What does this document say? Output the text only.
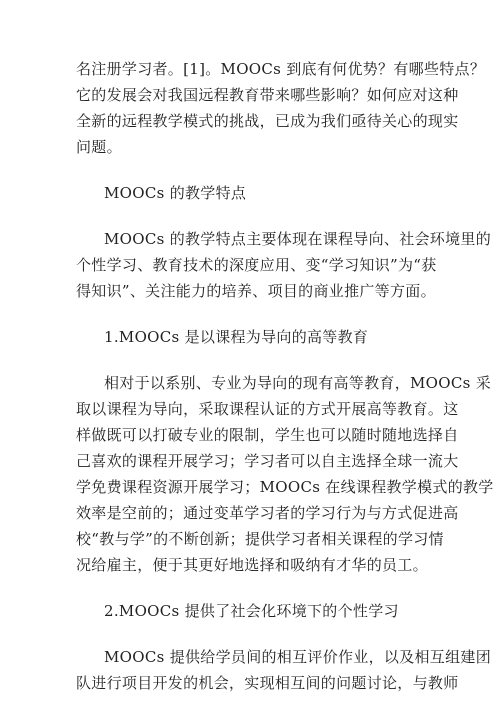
名注册学习者。[1]。MOOCs 到底有何优势？有哪些特点？
它的发展会对我国远程教育带来哪些影响？如何应对这种
全新的远程教学模式的挑战，已成为我们亟待关心的现实
问题。
MOOCs 的教学特点
MOOCs 的教学特点主要体现在课程导向、社会环境里的
个性学习、教育技术的深度应用、变“学习知识”为“获
得知识”、关注能力的培养、项目的商业推广等方面。
1.MOOCs 是以课程为导向的高等教育
相对于以系别、专业为导向的现有高等教育，MOOCs 采
取以课程为导向，采取课程认证的方式开展高等教育。这
样做既可以打破专业的限制，学生也可以随时随地选择自
己喜欢的课程开展学习；学习者可以自主选择全球一流大
学免费课程资源开展学习；MOOCs 在线课程教学模式的教学
效率是空前的；通过变革学习者的学习行为与方式促进高
校“教与学”的不断创新；提供学习者相关课程的学习情
况给雇主，便于其更好地选择和吸纳有才华的员工。
2.MOOCs 提供了社会化环境下的个性学习
MOOCs 提供给学员间的相互评价作业，以及相互组建团
队进行项目开发的机会，实现相互间的问题讨论，与教师
